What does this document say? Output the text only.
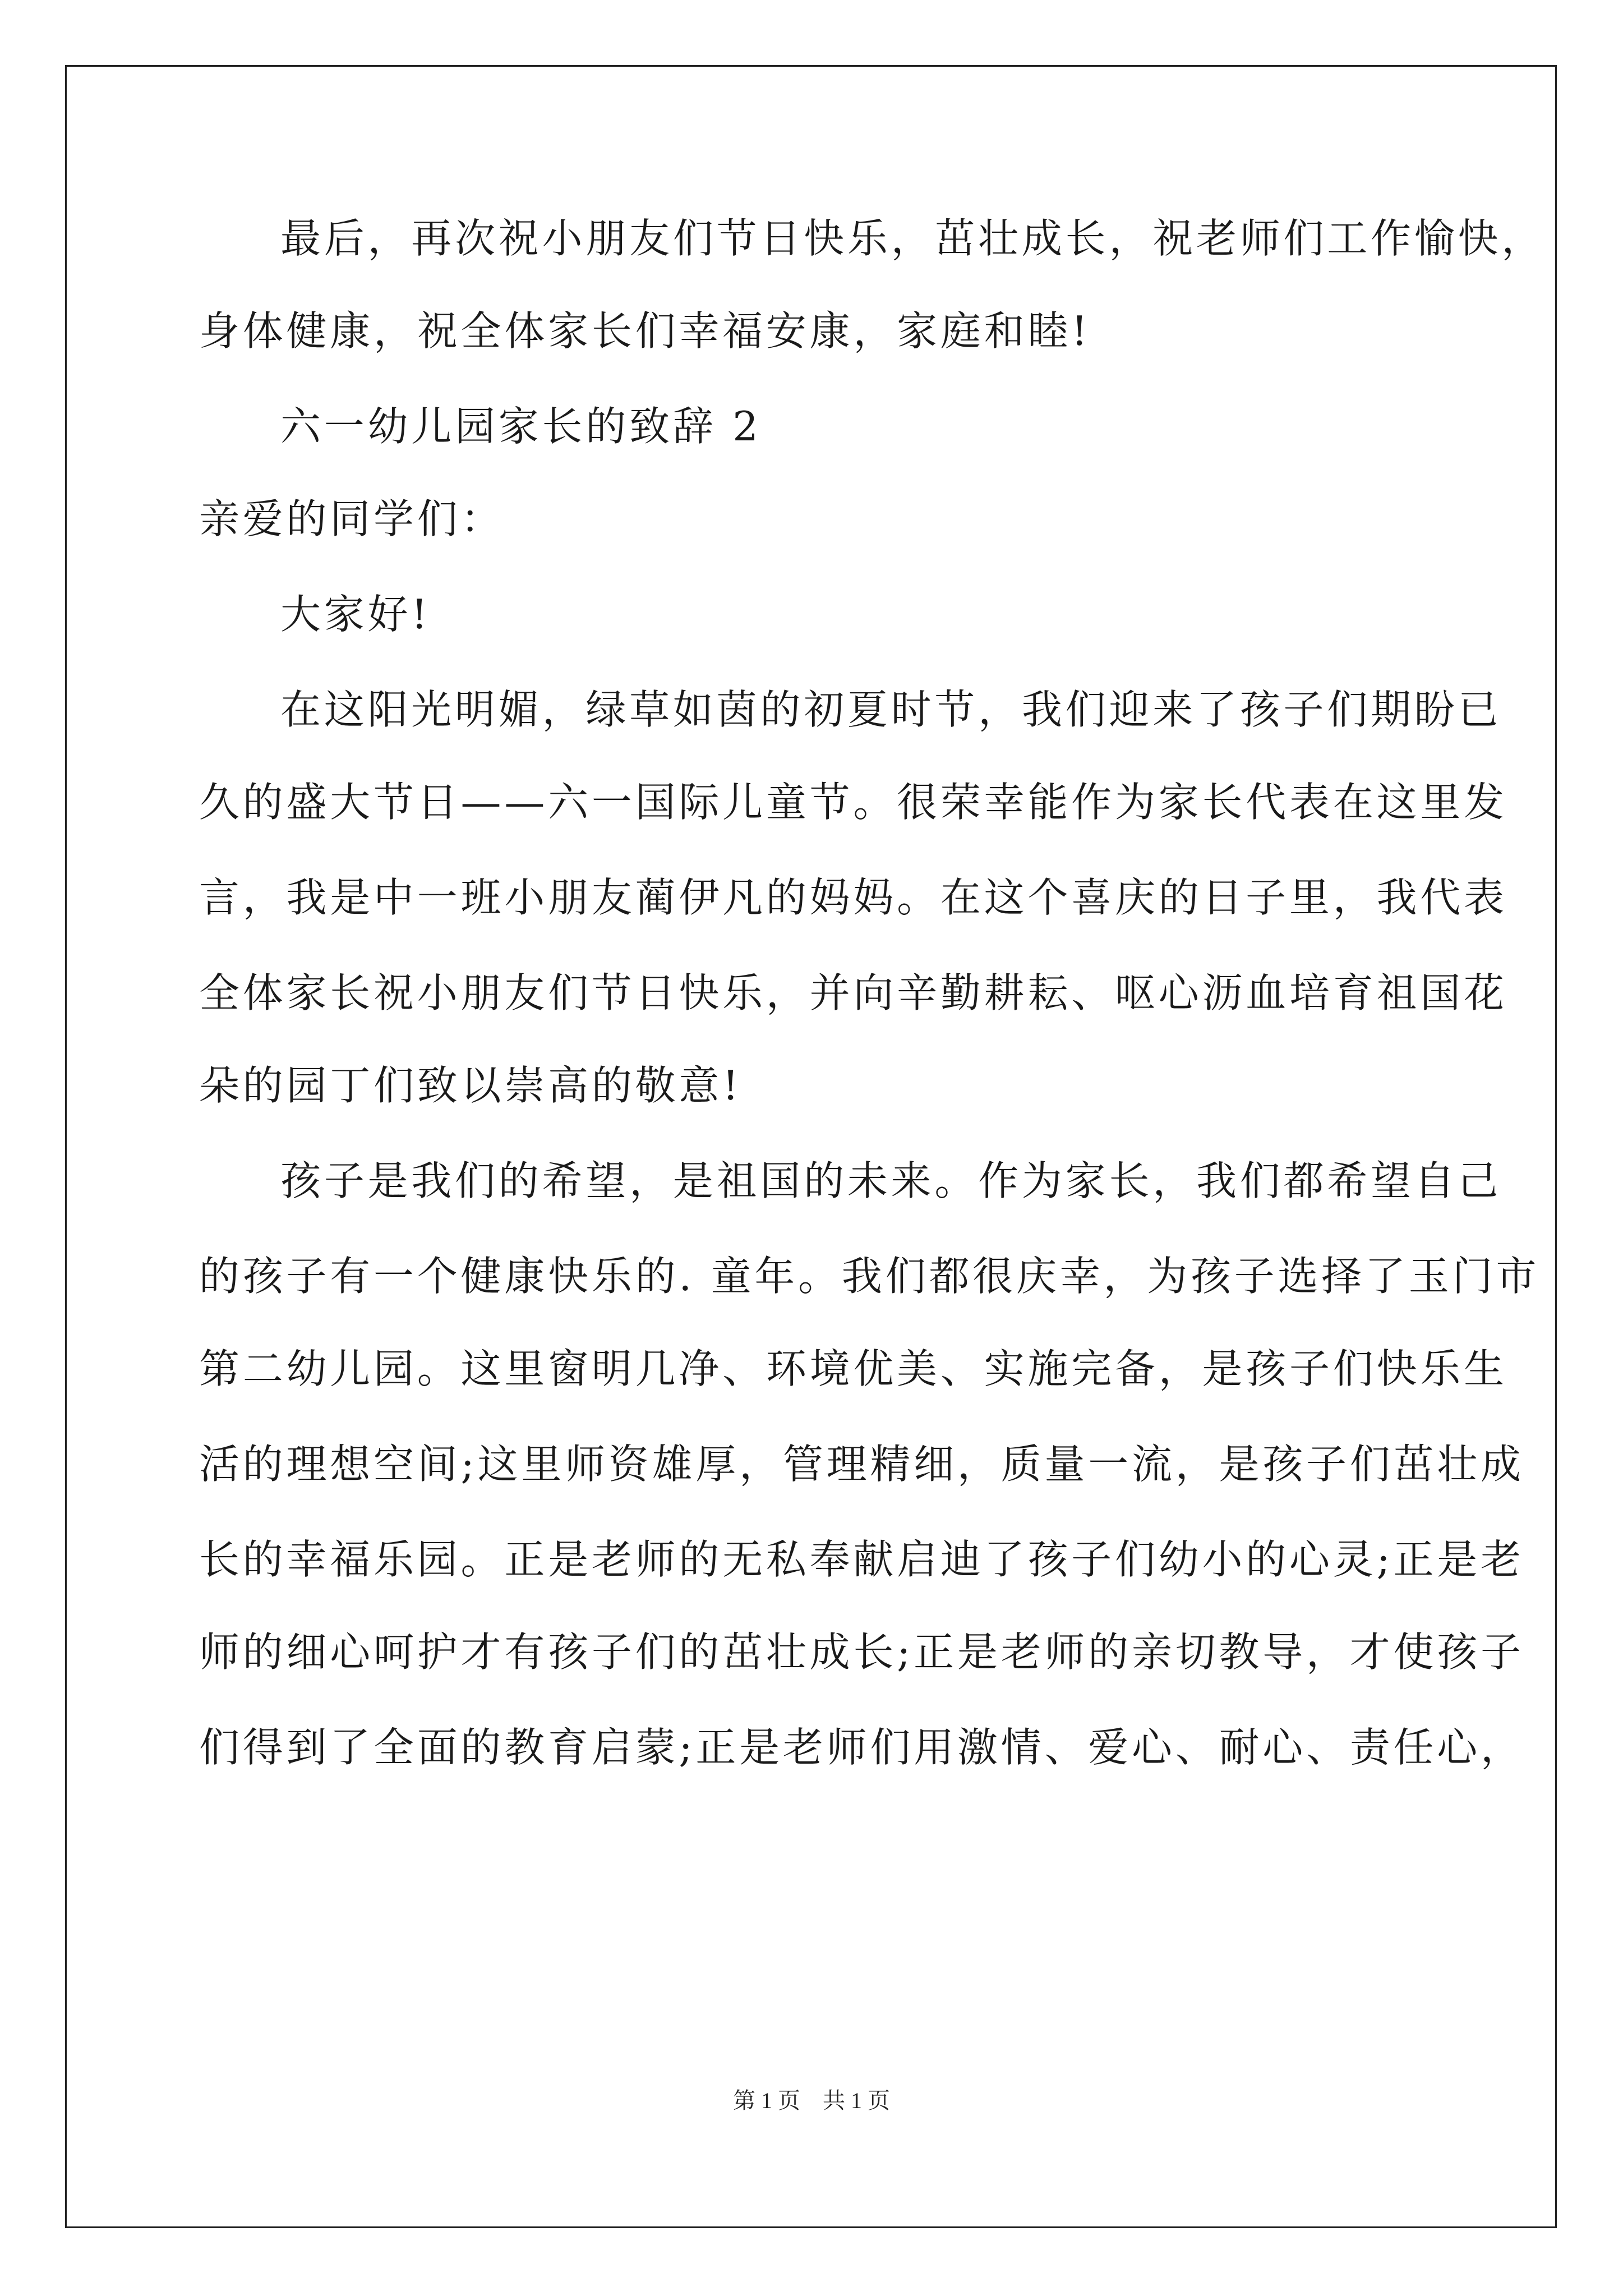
最后，再次祝小朋友们节日快乐，茁壮成长，祝老师们工作愉快，
身体健康，祝全体家长们幸福安康，家庭和睦!
六一幼儿园家长的致辞 2
亲爱的同学们：
大家好!
在这阳光明媚，绿草如茵的初夏时节，我们迎来了孩子们期盼已
久的盛大节日——六一国际儿童节。很荣幸能作为家长代表在这里发
言，我是中一班小朋友蔺伊凡的妈妈。在这个喜庆的日子里，我代表
全体家长祝小朋友们节日快乐，并向辛勤耕耘、呕心沥血培育祖国花
朵的园丁们致以崇高的敬意!
孩子是我们的希望，是祖国的未来。作为家长，我们都希望自己
的孩子有一个健康快乐的. 童年。我们都很庆幸，为孩子选择了玉门市
第二幼儿园。这里窗明几净、环境优美、实施完备，是孩子们快乐生
活的理想空间;这里师资雄厚，管理精细，质量一流，是孩子们茁壮成
长的幸福乐园。正是老师的无私奉献启迪了孩子们幼小的心灵;正是老
师的细心呵护才有孩子们的茁壮成长;正是老师的亲切教导，才使孩子
们得到了全面的教育启蒙;正是老师们用激情、爱心、耐心、责任心，
第 1 页　共 1 页
